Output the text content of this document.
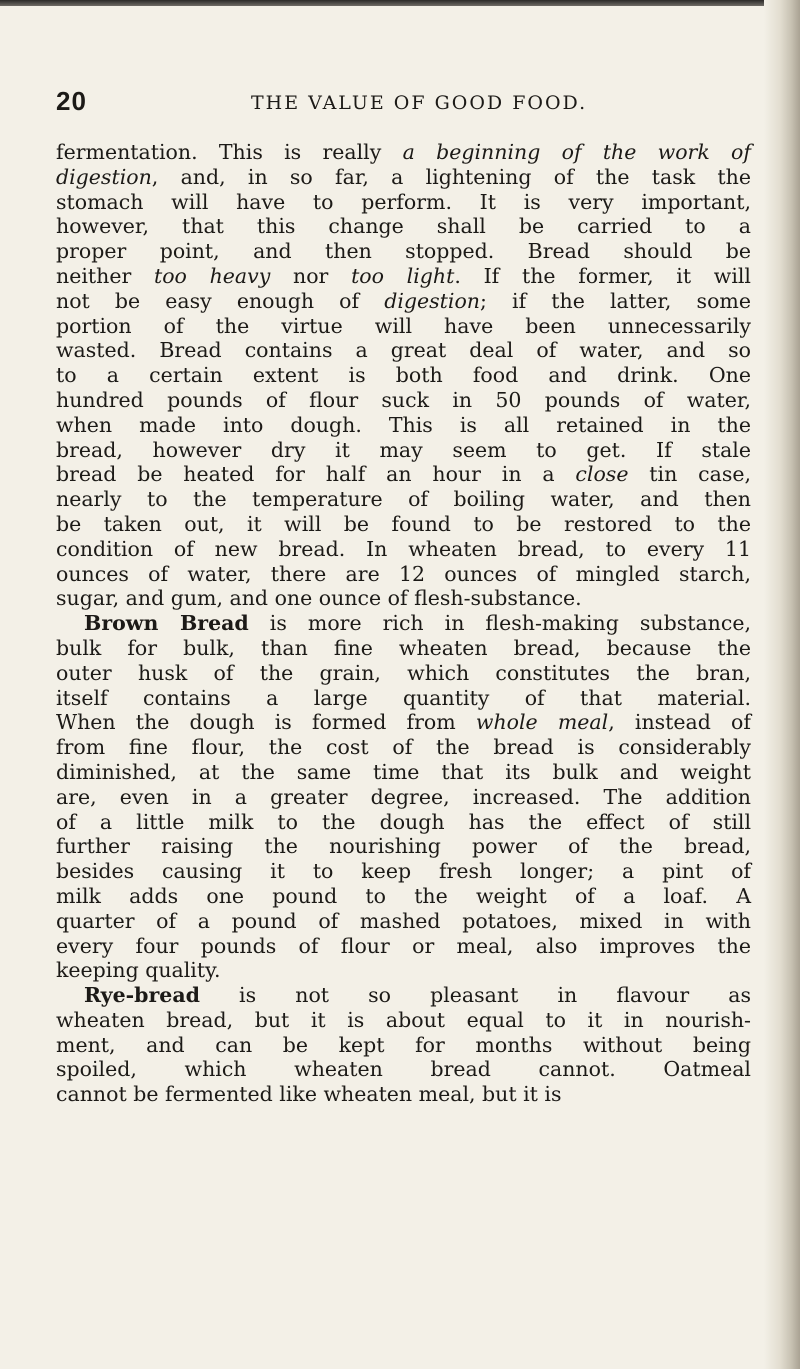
20	THE VALUE OF GOOD FOOD.
fermentation. This is really a beginning of the work of
digestion, and, in so far, a lightening of the task the
stomach will have to perform. It is very important,
however, that this change shall be carried to a
proper point, and then stopped. Bread should be
neither too heavy nor too light. If the former, it will
not be easy enough of digestion; if the latter, some
portion of the virtue will have been unnecessarily
wasted. Bread contains a great deal of water, and so
to a certain extent is both food and drink. One
hundred pounds of flour suck in 50 pounds of water,
when made into dough. This is all retained in the
bread, however dry it may seem to get. If stale
bread be heated for half an hour in a close tin case,
nearly to the temperature of boiling water, and then
be taken out, it will be found to be restored to the
condition of new bread. In wheaten bread, to every 11
ounces of water, there are 12 ounces of mingled starch,
sugar, and gum, and one ounce of flesh-substance.
Brown Bread is more rich in flesh-making substance,
bulk for bulk, than fine wheaten bread, because the
outer husk of the grain, which constitutes the bran,
itself contains a large quantity of that material.
When the dough is formed from whole meal, instead of
from fine flour, the cost of the bread is considerably
diminished, at the same time that its bulk and weight
are, even in a greater degree, increased. The addition
of a little milk to the dough has the effect of still
further raising the nourishing power of the bread,
besides causing it to keep fresh longer; a pint of
milk adds one pound to the weight of a loaf. A
quarter of a pound of mashed potatoes, mixed in with
every four pounds of flour or meal, also improves the
keeping quality.
Rye-bread is not so pleasant in flavour as
wheaten bread, but it is about equal to it in nourish-
ment, and can be kept for months without being
spoiled, which wheaten bread cannot. Oatmeal
cannot be fermented like wheaten meal, but it is
